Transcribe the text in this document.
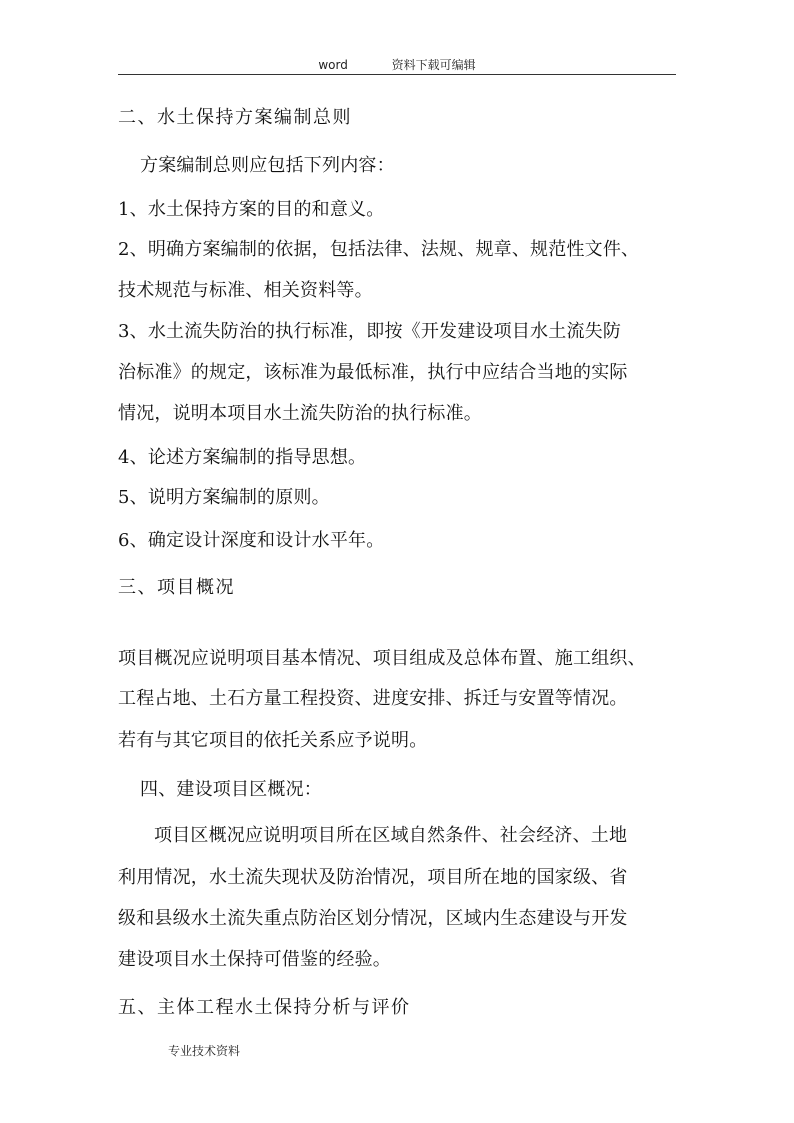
word	资料下载可编辑
二、水土保持方案编制总则
方案编制总则应包括下列内容：
1、水土保持方案的目的和意义。
2、明确方案编制的依据，包括法律、法规、规章、规范性文件、
技术规范与标准、相关资料等。
3、水土流失防治的执行标准，即按《开发建设项目水土流失防
治标准》的规定，该标准为最低标准，执行中应结合当地的实际
情况，说明本项目水土流失防治的执行标准。
4、论述方案编制的指导思想。
5、说明方案编制的原则。
6、确定设计深度和设计水平年。
三、项目概况
项目概况应说明项目基本情况、项目组成及总体布置、施工组织、
工程占地、土石方量工程投资、进度安排、拆迁与安置等情况。
若有与其它项目的依托关系应予说明。
四、建设项目区概况：
项目区概况应说明项目所在区域自然条件、社会经济、土地
利用情况，水土流失现状及防治情况，项目所在地的国家级、省
级和县级水土流失重点防治区划分情况，区域内生态建设与开发
建设项目水土保持可借鉴的经验。
五、主体工程水土保持分析与评价
专业技术资料
